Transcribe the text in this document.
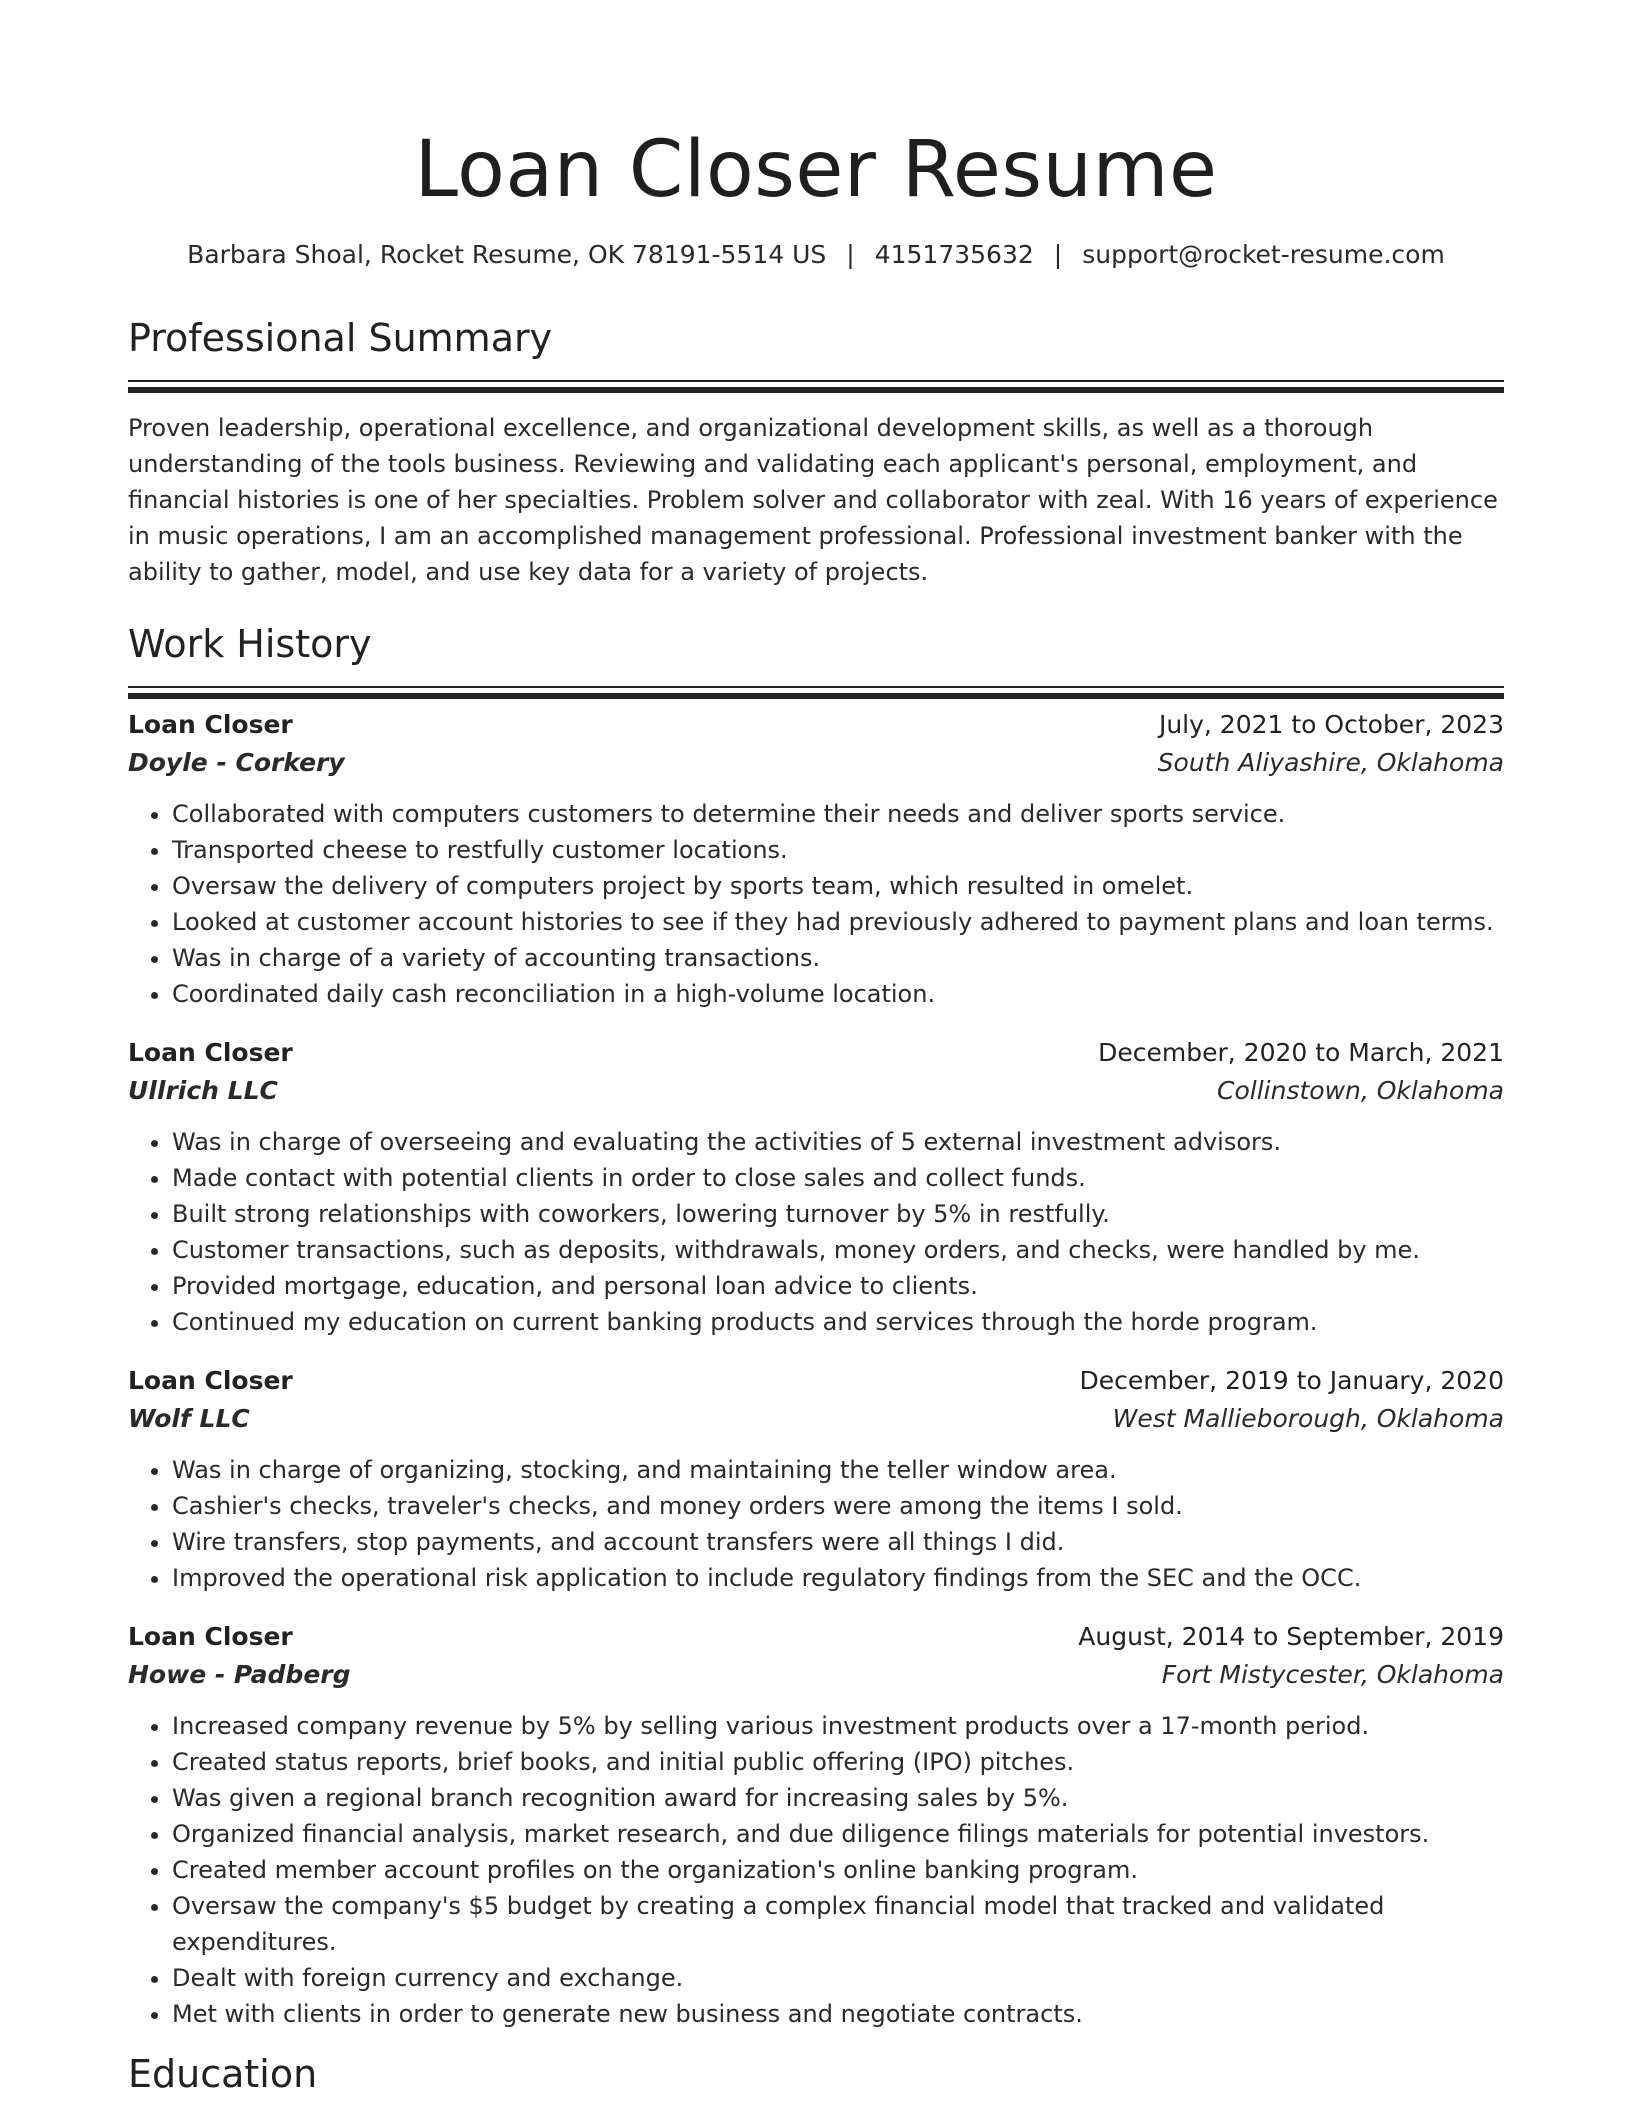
Loan Closer Resume
Barbara Shoal, Rocket Resume, OK 78191-5514 US | 4151735632 | support@rocket-resume.com
Professional Summary

Proven leadership, operational excellence, and organizational development skills, as well as a thorough understanding of the tools business. Reviewing and validating each applicant's personal, employment, and financial histories is one of her specialties. Problem solver and collaborator with zeal. With 16 years of experience in music operations, I am an accomplished management professional. Professional investment banker with the ability to gather, model, and use key data for a variety of projects.

Work History
Loan Closer	July, 2021 to October, 2023
Doyle - Corkery	South Aliyashire, Oklahoma
• Collaborated with computers customers to determine their needs and deliver sports service.
• Transported cheese to restfully customer locations.
• Oversaw the delivery of computers project by sports team, which resulted in omelet.
• Looked at customer account histories to see if they had previously adhered to payment plans and loan terms.
• Was in charge of a variety of accounting transactions.
• Coordinated daily cash reconciliation in a high-volume location.
Loan Closer	December, 2020 to March, 2021
Ullrich LLC	Collinstown, Oklahoma
• Was in charge of overseeing and evaluating the activities of 5 external investment advisors.
• Made contact with potential clients in order to close sales and collect funds.
• Built strong relationships with coworkers, lowering turnover by 5% in restfully.
• Customer transactions, such as deposits, withdrawals, money orders, and checks, were handled by me.
• Provided mortgage, education, and personal loan advice to clients.
• Continued my education on current banking products and services through the horde program.
Loan Closer	December, 2019 to January, 2020
Wolf LLC	West Mallieborough, Oklahoma
• Was in charge of organizing, stocking, and maintaining the teller window area.
• Cashier's checks, traveler's checks, and money orders were among the items I sold.
• Wire transfers, stop payments, and account transfers were all things I did.
• Improved the operational risk application to include regulatory findings from the SEC and the OCC.
Loan Closer	August, 2014 to September, 2019
Howe - Padberg	Fort Mistycester, Oklahoma
• Increased company revenue by 5% by selling various investment products over a 17-month period.
• Created status reports, brief books, and initial public offering (IPO) pitches.
• Was given a regional branch recognition award for increasing sales by 5%.
• Organized financial analysis, market research, and due diligence filings materials for potential investors.
• Created member account profiles on the organization's online banking program.
• Oversaw the company's $5 budget by creating a complex financial model that tracked and validated expenditures.
• Dealt with foreign currency and exchange.
• Met with clients in order to generate new business and negotiate contracts.
Education
